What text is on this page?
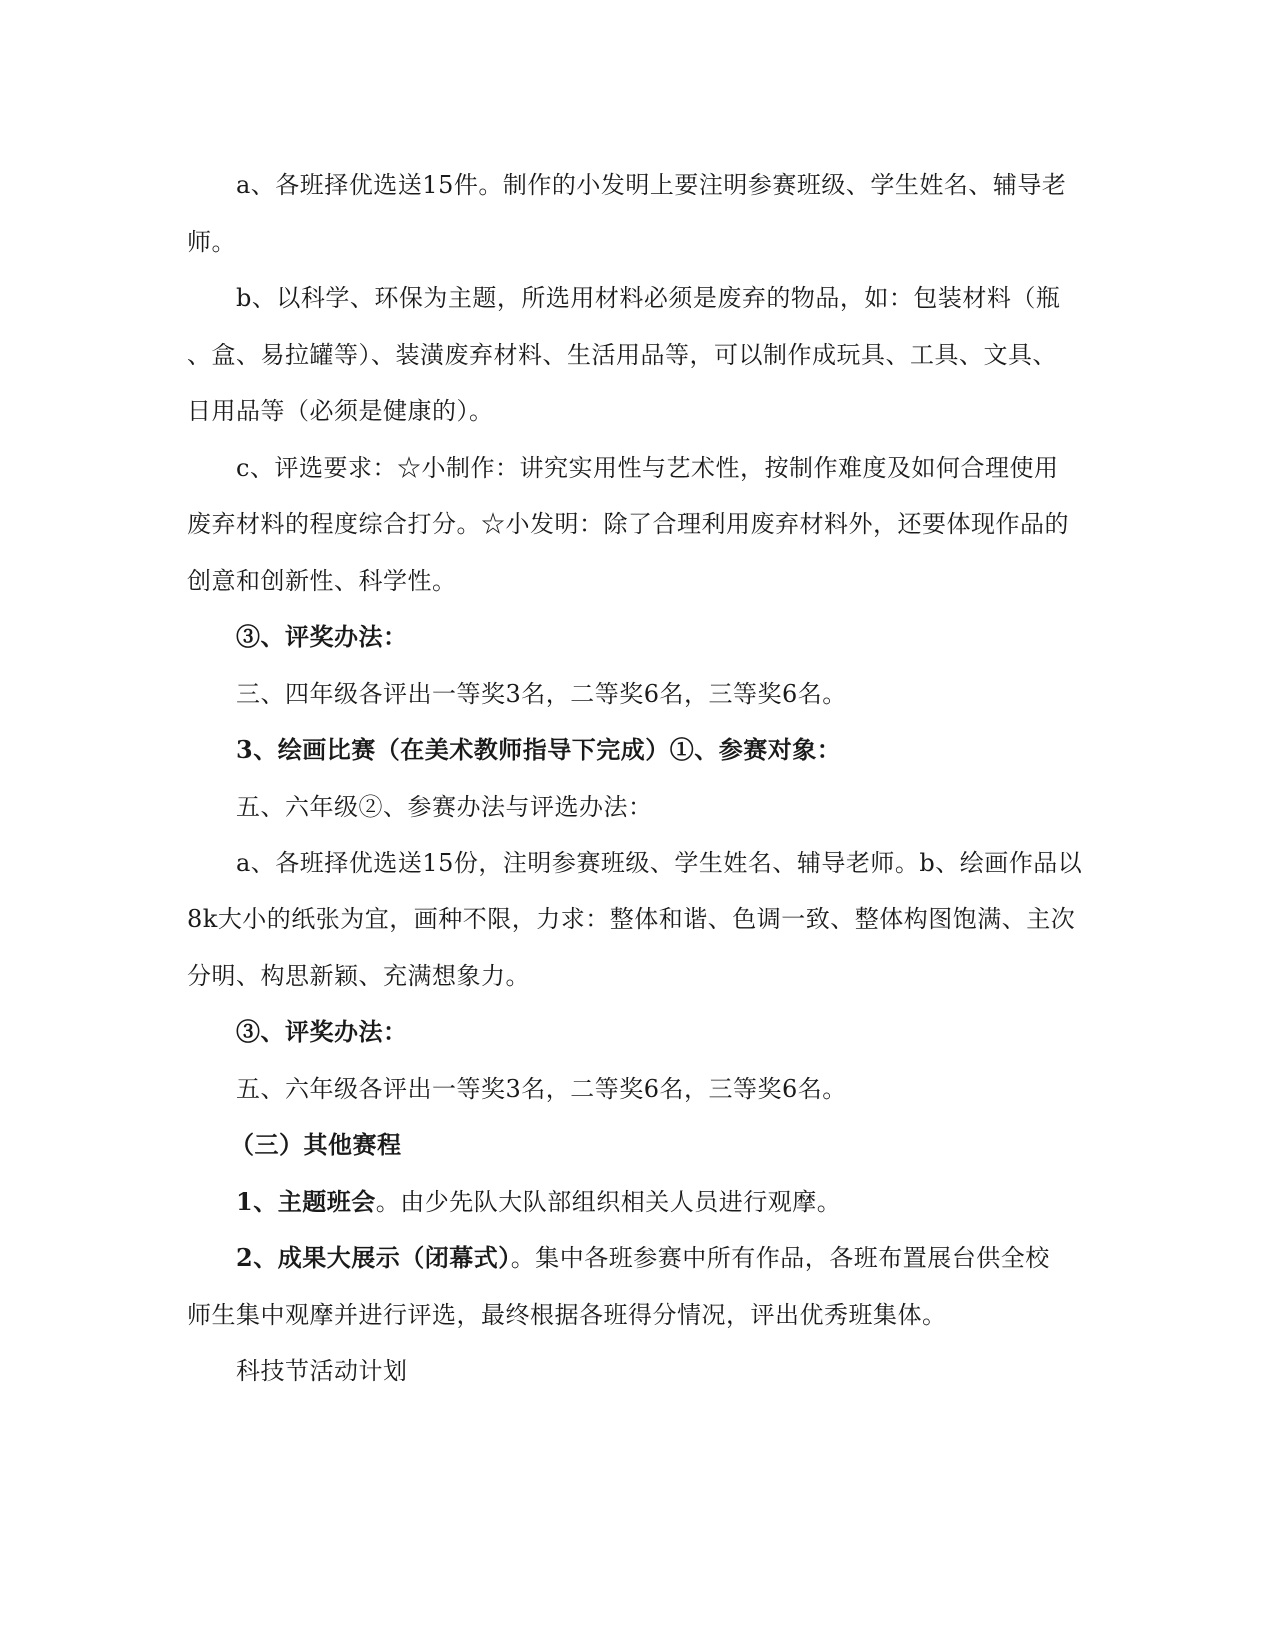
a、各班择优选送15件。制作的小发明上要注明参赛班级、学生姓名、辅导老
师。
b、以科学、环保为主题，所选用材料必须是废弃的物品，如：包装材料（瓶
、盒、易拉罐等）、装潢废弃材料、生活用品等，可以制作成玩具、工具、文具、
日用品等（必须是健康的）。
c、评选要求：☆小制作：讲究实用性与艺术性，按制作难度及如何合理使用
废弃材料的程度综合打分。☆小发明：除了合理利用废弃材料外，还要体现作品的
创意和创新性、科学性。
③、评奖办法：
三、四年级各评出一等奖3名，二等奖6名，三等奖6名。
3、绘画比赛（在美术教师指导下完成）①、参赛对象：
五、六年级②、参赛办法与评选办法：
a、各班择优选送15份，注明参赛班级、学生姓名、辅导老师。b、绘画作品以
8k大小的纸张为宜，画种不限，力求：整体和谐、色调一致、整体构图饱满、主次
分明、构思新颖、充满想象力。
③、评奖办法：
五、六年级各评出一等奖3名，二等奖6名，三等奖6名。
（三）其他赛程
1、主题班会。由少先队大队部组织相关人员进行观摩。
2、成果大展示（闭幕式）。集中各班参赛中所有作品，各班布置展台供全校
师生集中观摩并进行评选，最终根据各班得分情况，评出优秀班集体。
科技节活动计划
